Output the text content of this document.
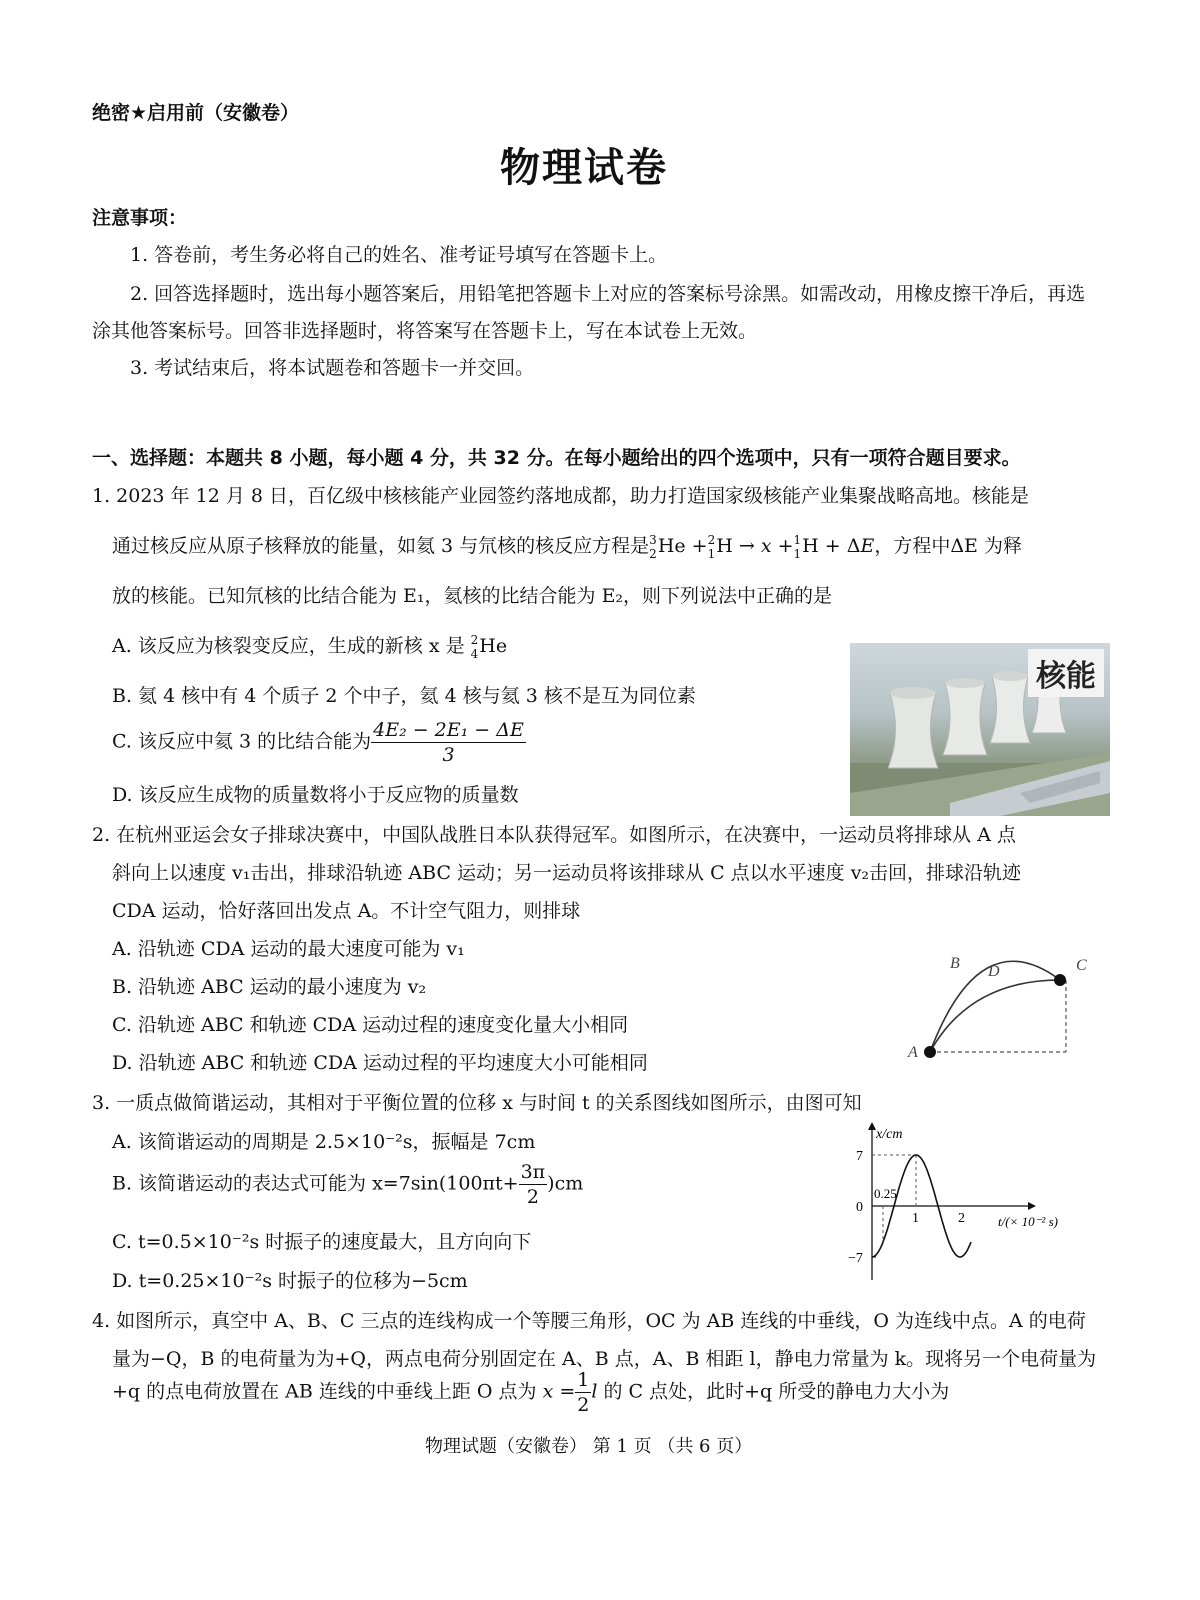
绝密★启用前（安徽卷）
物理试卷
注意事项：
1. 答卷前，考生务必将自己的姓名、准考证号填写在答题卡上。
2. 回答选择题时，选出每小题答案后，用铅笔把答题卡上对应的答案标号涂黑。如需改动，用橡皮擦干净后，再选涂其他答案标号。回答非选择题时，将答案写在答题卡上，写在本试卷上无效。
3. 考试结束后，将本试题卷和答题卡一并交回。
一、选择题：本题共 8 小题，每小题 4 分，共 32 分。在每小题给出的四个选项中，只有一项符合题目要求。
1. 2023 年 12 月 8 日，百亿级中核核能产业园签约落地成都，助力打造国家级核能产业集聚战略高地。核能是
通过核反应从原子核释放的能量，如氦 3 与氘核的核反应方程是3
2He +2
1H → x +1
1H + ΔE，方程中ΔE 为释
放的核能。已知氘核的比结合能为 E₁，氦核的比结合能为 E₂，则下列说法中正确的是
A. 该反应为核裂变反应，生成的新核 x 是 2
4He
B. 氦 4 核中有 4 个质子 2 个中子，氦 4 核与氦 3 核不是互为同位素
C. 该反应中氦 3 的比结合能为 $\frac{\text{4E₂ − 2E₁ − ΔE}}{3}$
D. 该反应生成物的质量数将小于反应物的质量数
核能
2. 在杭州亚运会女子排球决赛中，中国队战胜日本队获得冠军。如图所示，在决赛中，一运动员将排球从 A 点
斜向上以速度 v₁击出，排球沿轨迹 ABC 运动；另一运动员将该排球从 C 点以水平速度 v₂击回，排球沿轨迹
CDA 运动，恰好落回出发点 A。不计空气阻力，则排球
A. 沿轨迹 CDA 运动的最大速度可能为 v₁
B. 沿轨迹 ABC 运动的最小速度为 v₂
C. 沿轨迹 ABC 和轨迹 CDA 运动过程的速度变化量大小相同
D. 沿轨迹 ABC 和轨迹 CDA 运动过程的平均速度大小可能相同	A
B	C
D
3. 一质点做简谐运动，其相对于平衡位置的位移 x 与时间 t 的关系图线如图所示，由图可知
A. 该简谐运动的周期是 2.5×10⁻²s，振幅是 7cm
B. 该简谐运动的表达式可能为 $x=7\sin(100\pi t+ \frac{3\pi}{2} )cm$
C. t=0.5×10⁻²s 时振子的速度最大，且方向向下
D. t=0.25×10⁻²s 时振子的位移为−5cm
x/cm
7
0
−7
0.25
1	2	t/(× 10⁻² s)
4. 如图所示，真空中 A、B、C 三点的连线构成一个等腰三角形，OC 为 AB 连线的中垂线，O 为连线中点。A 的电荷
量为−Q，B 的电荷量为为+Q，两点电荷分别固定在 A、B 点，A、B 相距 l，静电力常量为 k。现将另一个电荷量为
+q 的点电荷放置在 AB 连线的中垂线上距 O 点为 $x = \frac{1}{2}$ l 的 C 点处，此时+q 所受的静电力大小为
物理试题（安徽卷） 第 1 页 （共 6 页）
